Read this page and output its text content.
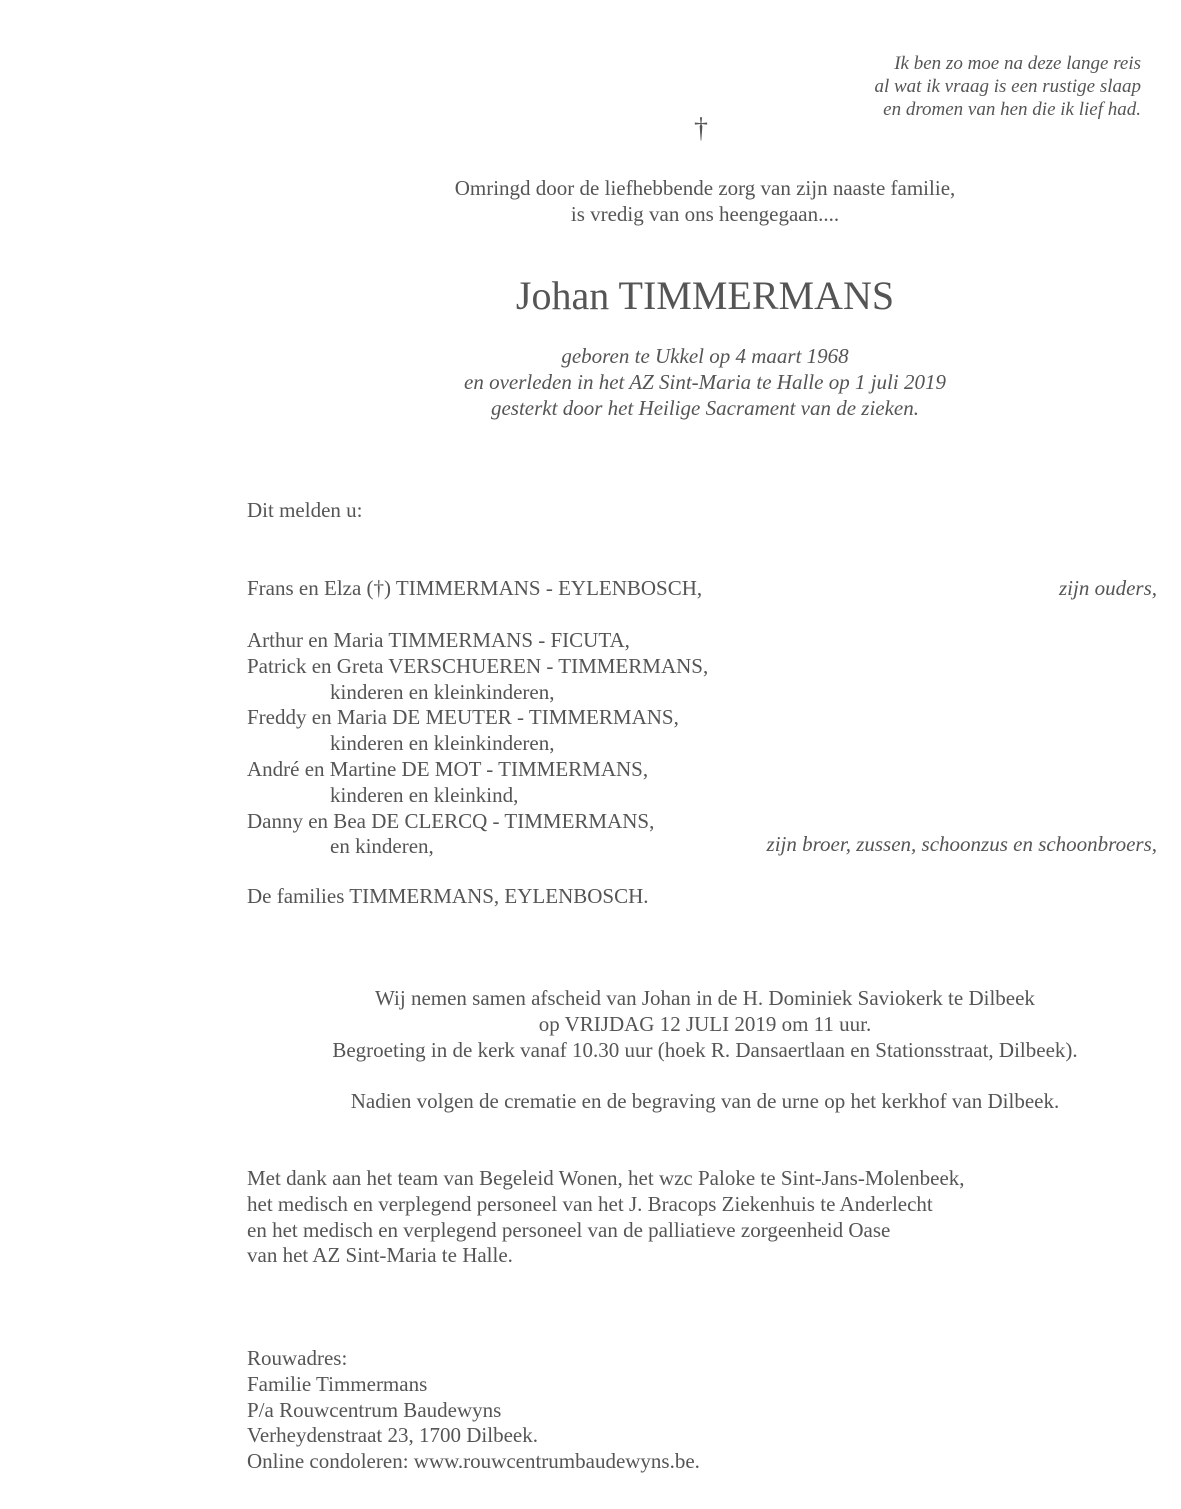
Ik ben zo moe na deze lange reis
al wat ik vraag is een rustige slaap
en dromen van hen die ik lief had.
†
Omringd door de liefhebbende zorg van zijn naaste familie,
is vredig van ons heengegaan....
Johan TIMMERMANS
geboren te Ukkel op 4 maart 1968
en overleden in het AZ Sint-Maria te Halle op 1 juli 2019
gesterkt door het Heilige Sacrament van de zieken.
Dit melden u:
Frans en Elza (†) TIMMERMANS - EYLENBOSCH,	zijn ouders,
Arthur en Maria TIMMERMANS - FICUTA,
Patrick en Greta VERSCHUEREN - TIMMERMANS,
kinderen en kleinkinderen,
Freddy en Maria DE MEUTER - TIMMERMANS,
kinderen en kleinkinderen,
André en Martine DE MOT - TIMMERMANS,
kinderen en kleinkind,
Danny en Bea DE CLERCQ - TIMMERMANS,
en kinderen,	zijn broer, zussen, schoonzus en schoonbroers,
De families TIMMERMANS, EYLENBOSCH.
Wij nemen samen afscheid van Johan in de H. Dominiek Saviokerk te Dilbeek
op VRIJDAG 12 JULI 2019 om 11 uur.
Begroeting in de kerk vanaf 10.30 uur (hoek R. Dansaertlaan en Stationsstraat, Dilbeek).
Nadien volgen de crematie en de begraving van de urne op het kerkhof van Dilbeek.
Met dank aan het team van Begeleid Wonen, het wzc Paloke te Sint-Jans-Molenbeek,
het medisch en verplegend personeel van het J. Bracops Ziekenhuis te Anderlecht
en het medisch en verplegend personeel van de palliatieve zorgeenheid Oase
van het AZ Sint-Maria te Halle.
Rouwadres:
Familie Timmermans
P/a Rouwcentrum Baudewyns
Verheydenstraat 23, 1700 Dilbeek.
Online condoleren: www.rouwcentrumbaudewyns.be.
